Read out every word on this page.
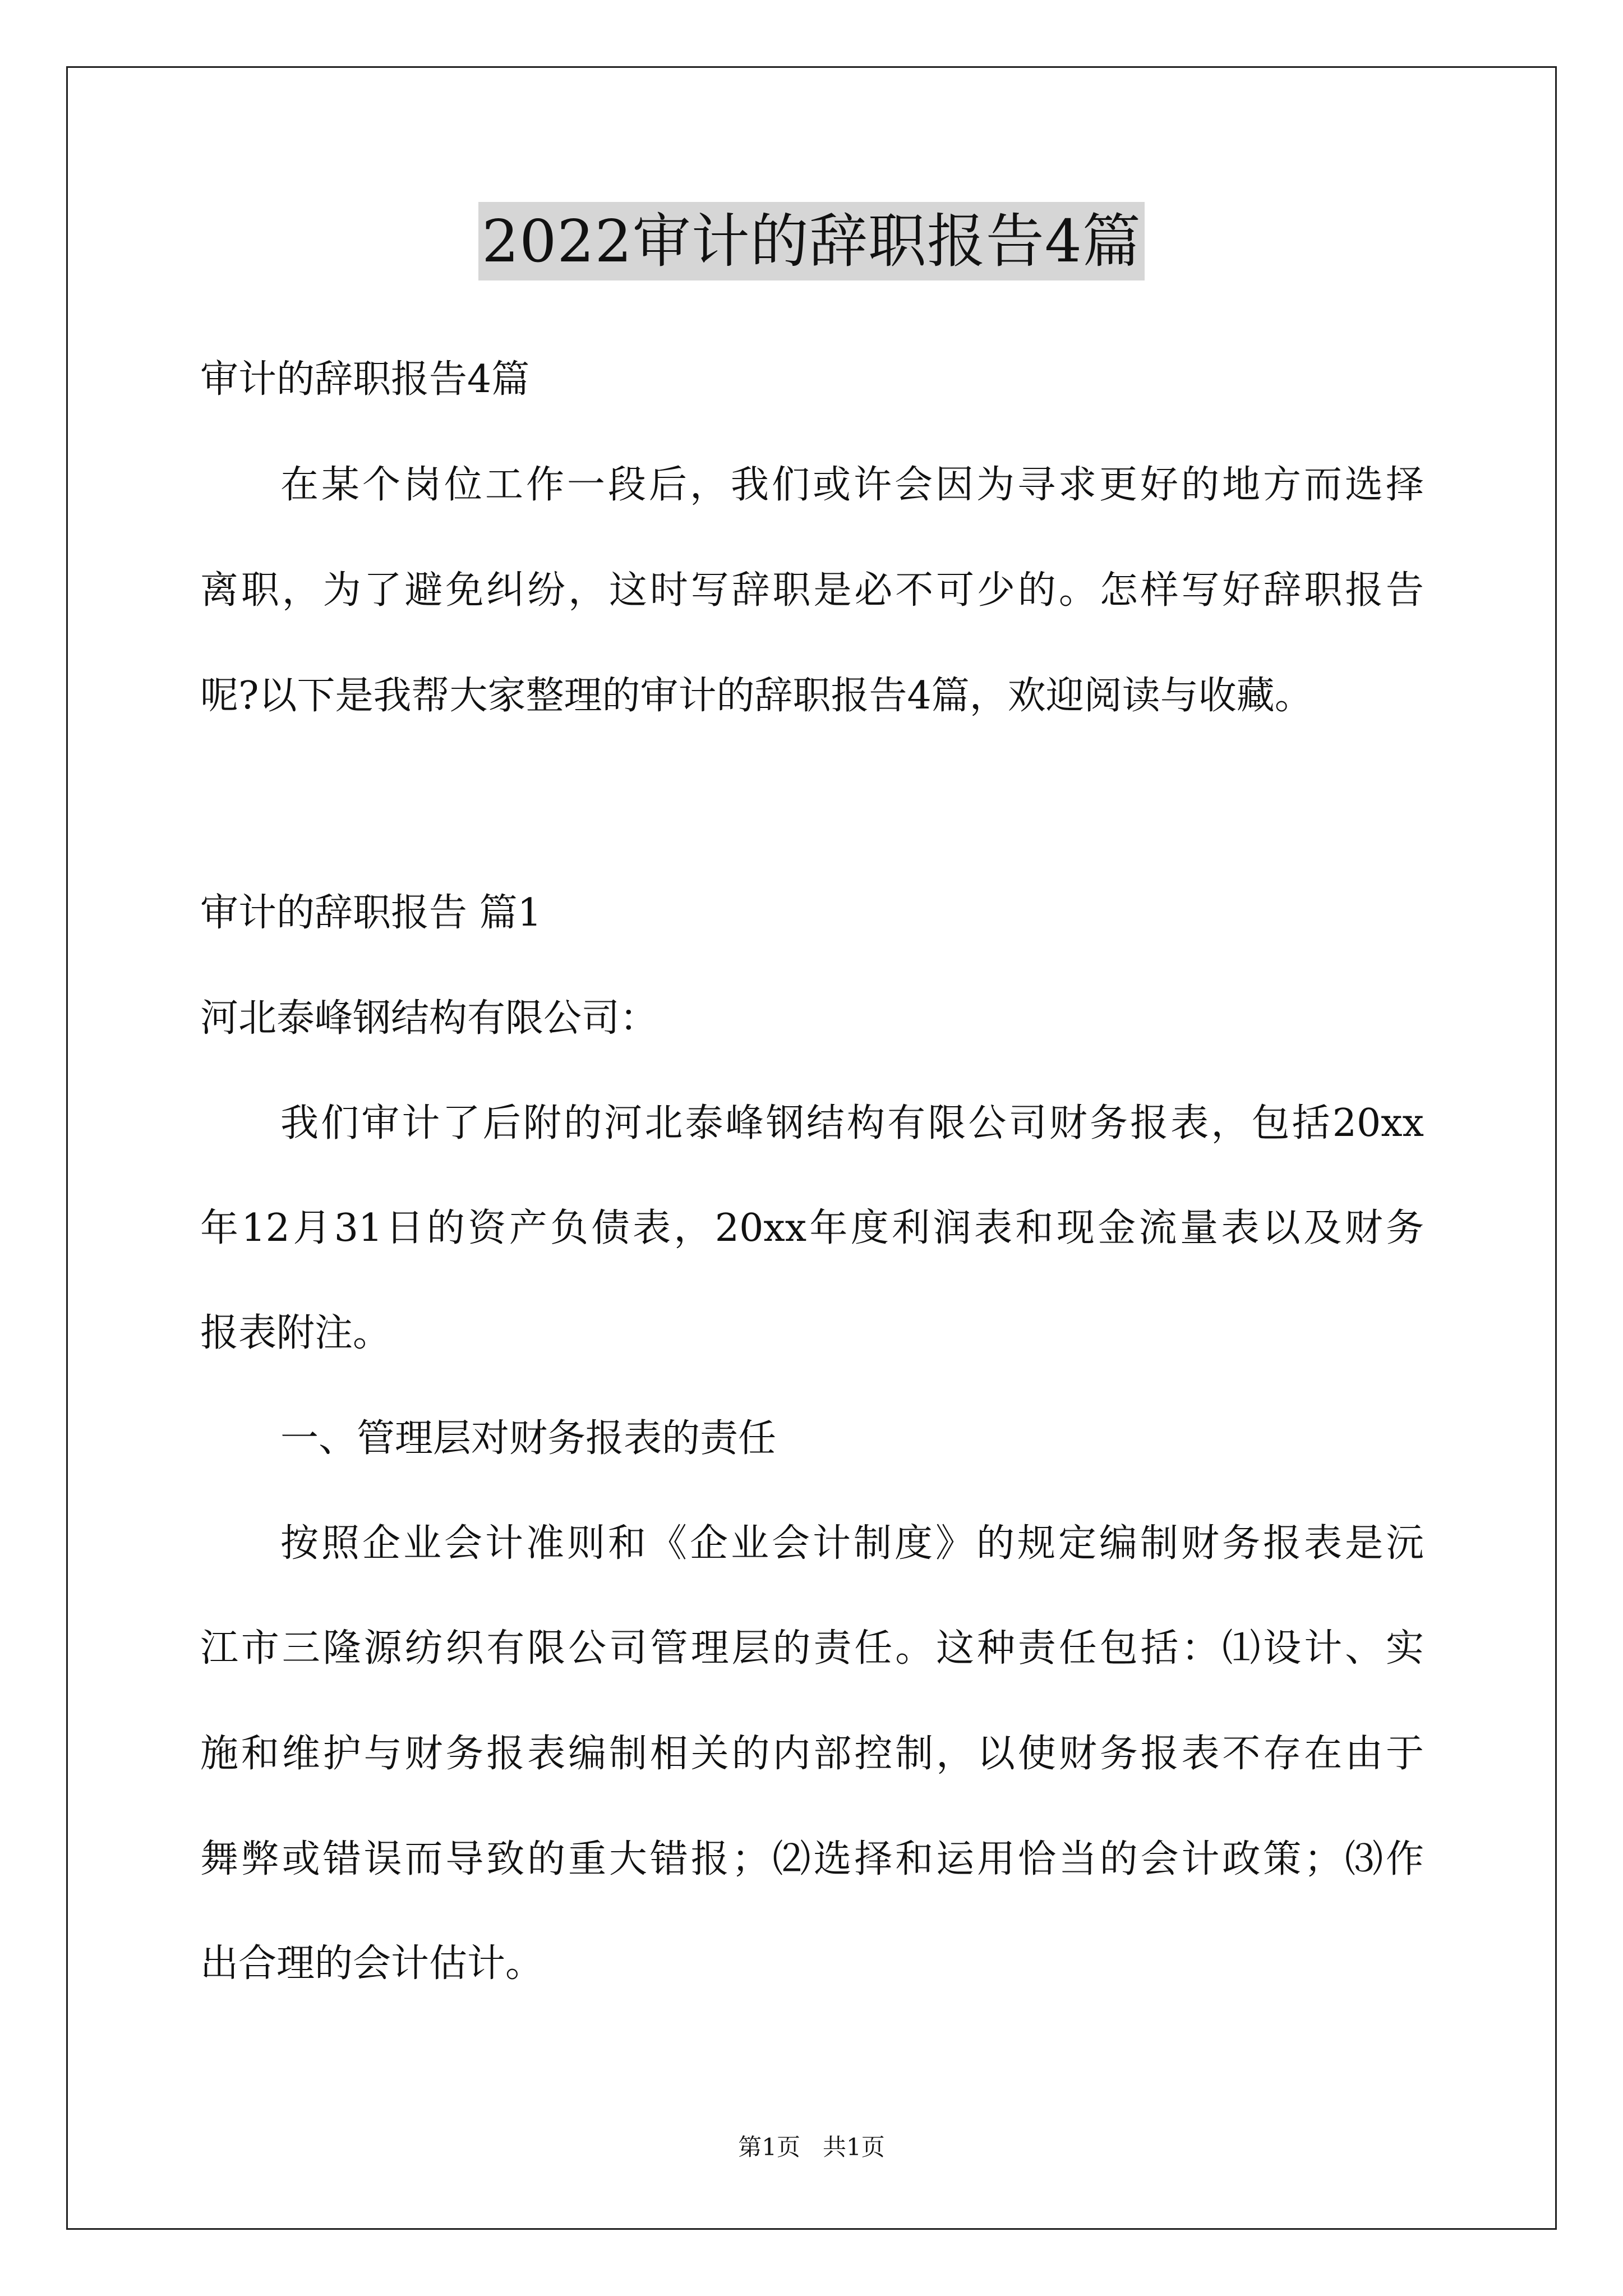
2022审计的辞职报告4篇
审计的辞职报告4篇
在某个岗位工作一段后，我们或许会因为寻求更好的地方而选择
离职，为了避免纠纷，这时写辞职是必不可少的。怎样写好辞职报告
呢?以下是我帮大家整理的审计的辞职报告4篇，欢迎阅读与收藏。
审计的辞职报告 篇1
河北泰峰钢结构有限公司：
我们审计了后附的河北泰峰钢结构有限公司财务报表，包括20xx
年12月31日的资产负债表，20xx年度利润表和现金流量表以及财务
报表附注。
一、管理层对财务报表的责任
按照企业会计准则和《企业会计制度》的规定编制财务报表是沅
江市三隆源纺织有限公司管理层的责任。这种责任包括：⑴设计、实
施和维护与财务报表编制相关的内部控制，以使财务报表不存在由于
舞弊或错误而导致的重大错报；⑵选择和运用恰当的会计政策；⑶作
出合理的会计估计。
第1页   共1页
